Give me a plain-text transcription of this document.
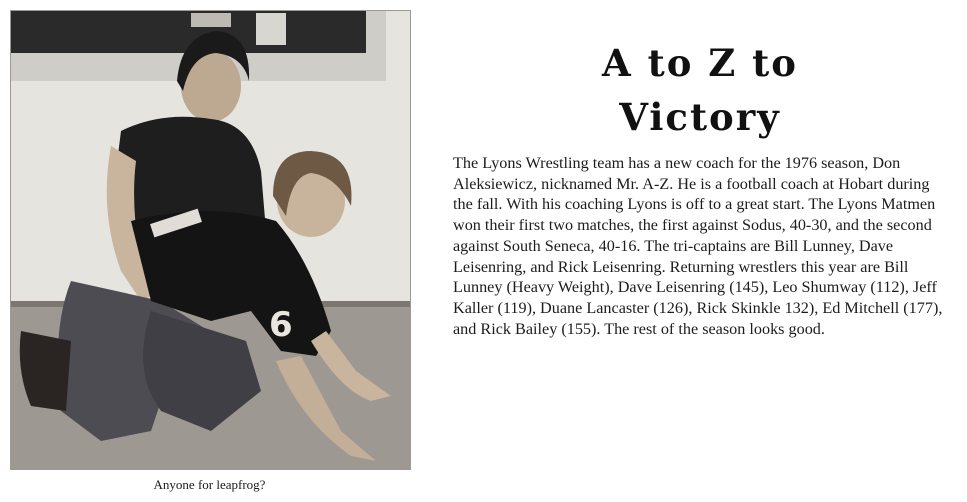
6
Anyone for leapfrog?
A to Z to
Victory

The Lyons Wrestling team has a new coach for the 1976 season, Don Aleksiewicz, nicknamed Mr. A-Z. He is a football coach at Hobart during the fall. With his coaching Lyons is off to a great start. The Lyons Matmen won their first two matches, the first against Sodus, 40-30, and the second against South Seneca, 40-16. The tri-captains are Bill Lunney, Dave Leisenring, and Rick Leisenring. Returning wrestlers this year are Bill Lunney (Heavy Weight), Dave Leisenring (145), Leo Shumway (112), Jeff Kaller (119), Duane Lancaster (126), Rick Skinkle 132), Ed Mitchell (177), and Rick Bailey (155). The rest of the season looks good.
